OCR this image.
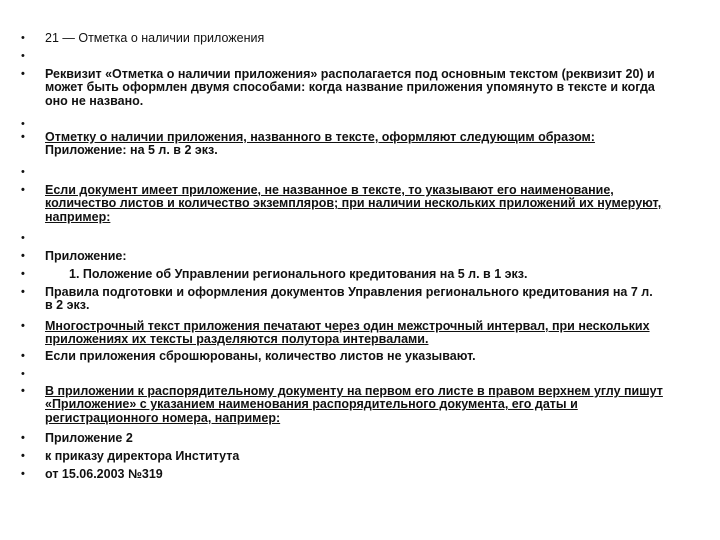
• 21 — Отметка о наличии приложения
•
• Реквизит «Отметка о наличии приложения» располагается под основным текстом (реквизит 20) и
может быть оформлен двумя способами: когда название приложения упомянуто в тексте и когда
оно не названо.
•
• Отметку о наличии приложения, названного в тексте, оформляют следующим образом:
Приложение: на 5 л. в 2 экз.
•
• Если документ имеет приложение, не названное в тексте, то указывают его наименование,
количество листов и количество экземпляров; при наличии нескольких приложений их нумеруют,
например:
•
• Приложение:
•	1. Положение об Управлении регионального кредитования на 5 л. в 1 экз.
• Правила подготовки и оформления документов Управления регионального кредитования на 7 л.
в 2 экз.
• Многострочный текст приложения печатают через один межстрочный интервал, при нескольких
приложениях их тексты разделяются полутора интервалами.
• Если приложения сброшюрованы, количество листов не указывают.
•
• В приложении к распорядительному документу на первом его листе в правом верхнем углу пишут
«Приложение» с указанием наименования распорядительного документа, его даты и
регистрационного номера, например:
• Приложение 2
• к приказу директора Института
• от 15.06.2003 №319
